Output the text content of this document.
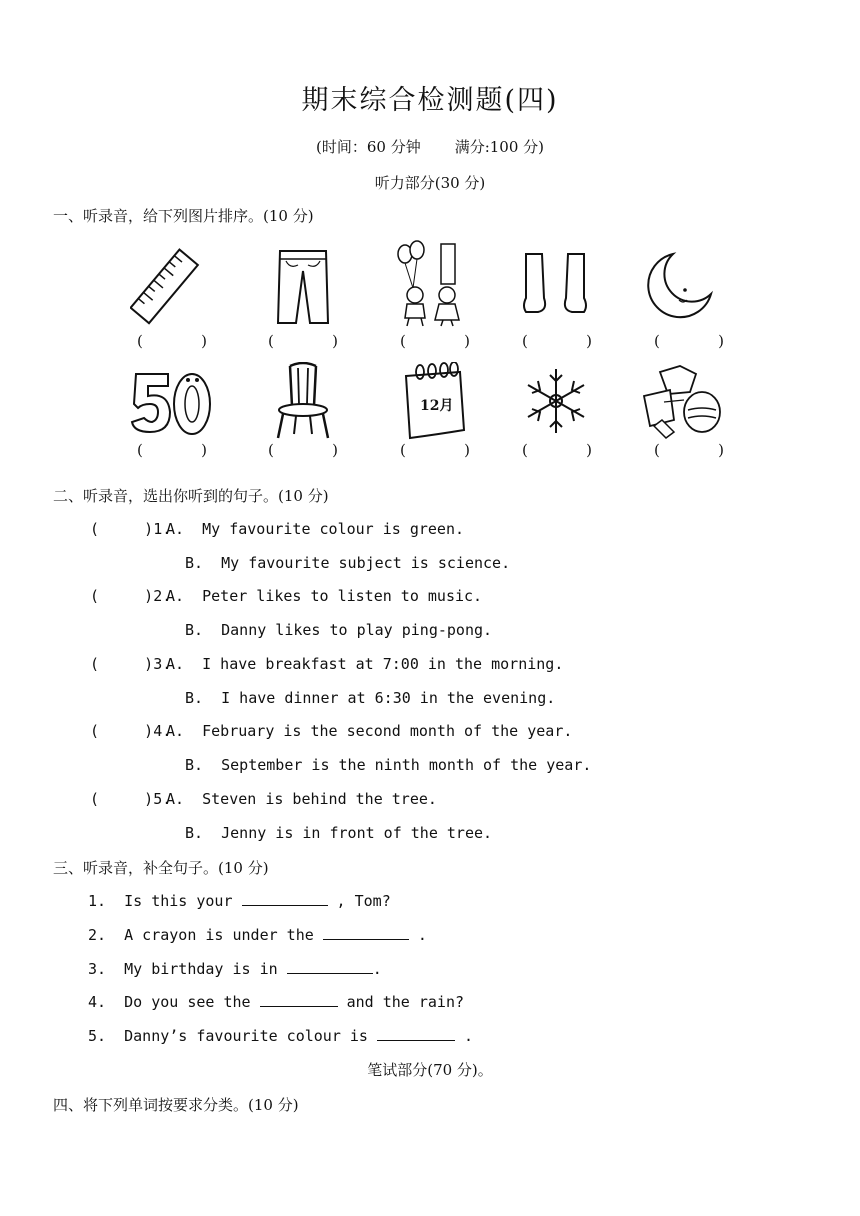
期末综合检测题(四)
(时间：60 分钟 满分:100 分)
听力部分(30 分)
一、听录音，给下列图片排序。(10 分)
(	)	(	)	(	)	(	)	(	)
12月
(	)	(	)	(	)	(	)	(	)
二、听录音，选出你听到的句子。(10 分)
(     )1.
A.  My favourite colour is green.
B.  My favourite subject is science.
(     )2.
A.  Peter likes to listen to music.
B.  Danny likes to play ping-pong.
(     )3.
A.  I have breakfast at 7:00 in the morning.
B.  I have dinner at 6:30 in the evening.
(     )4.
A.  February is the second month of the year.
B.  September is the ninth month of the year.
(     )5.
A.  Steven is behind the tree.
B.  Jenny is in front of the tree.
三、听录音，补全句子。(10 分)
1.  Is this your	, Tom?
2.  A crayon is under the	.
3.  My birthday is in	.
4.  Do you see the	and the rain?
5.  Danny’s favourite colour is	.
笔试部分(70 分)。
四、将下列单词按要求分类。(10 分)
